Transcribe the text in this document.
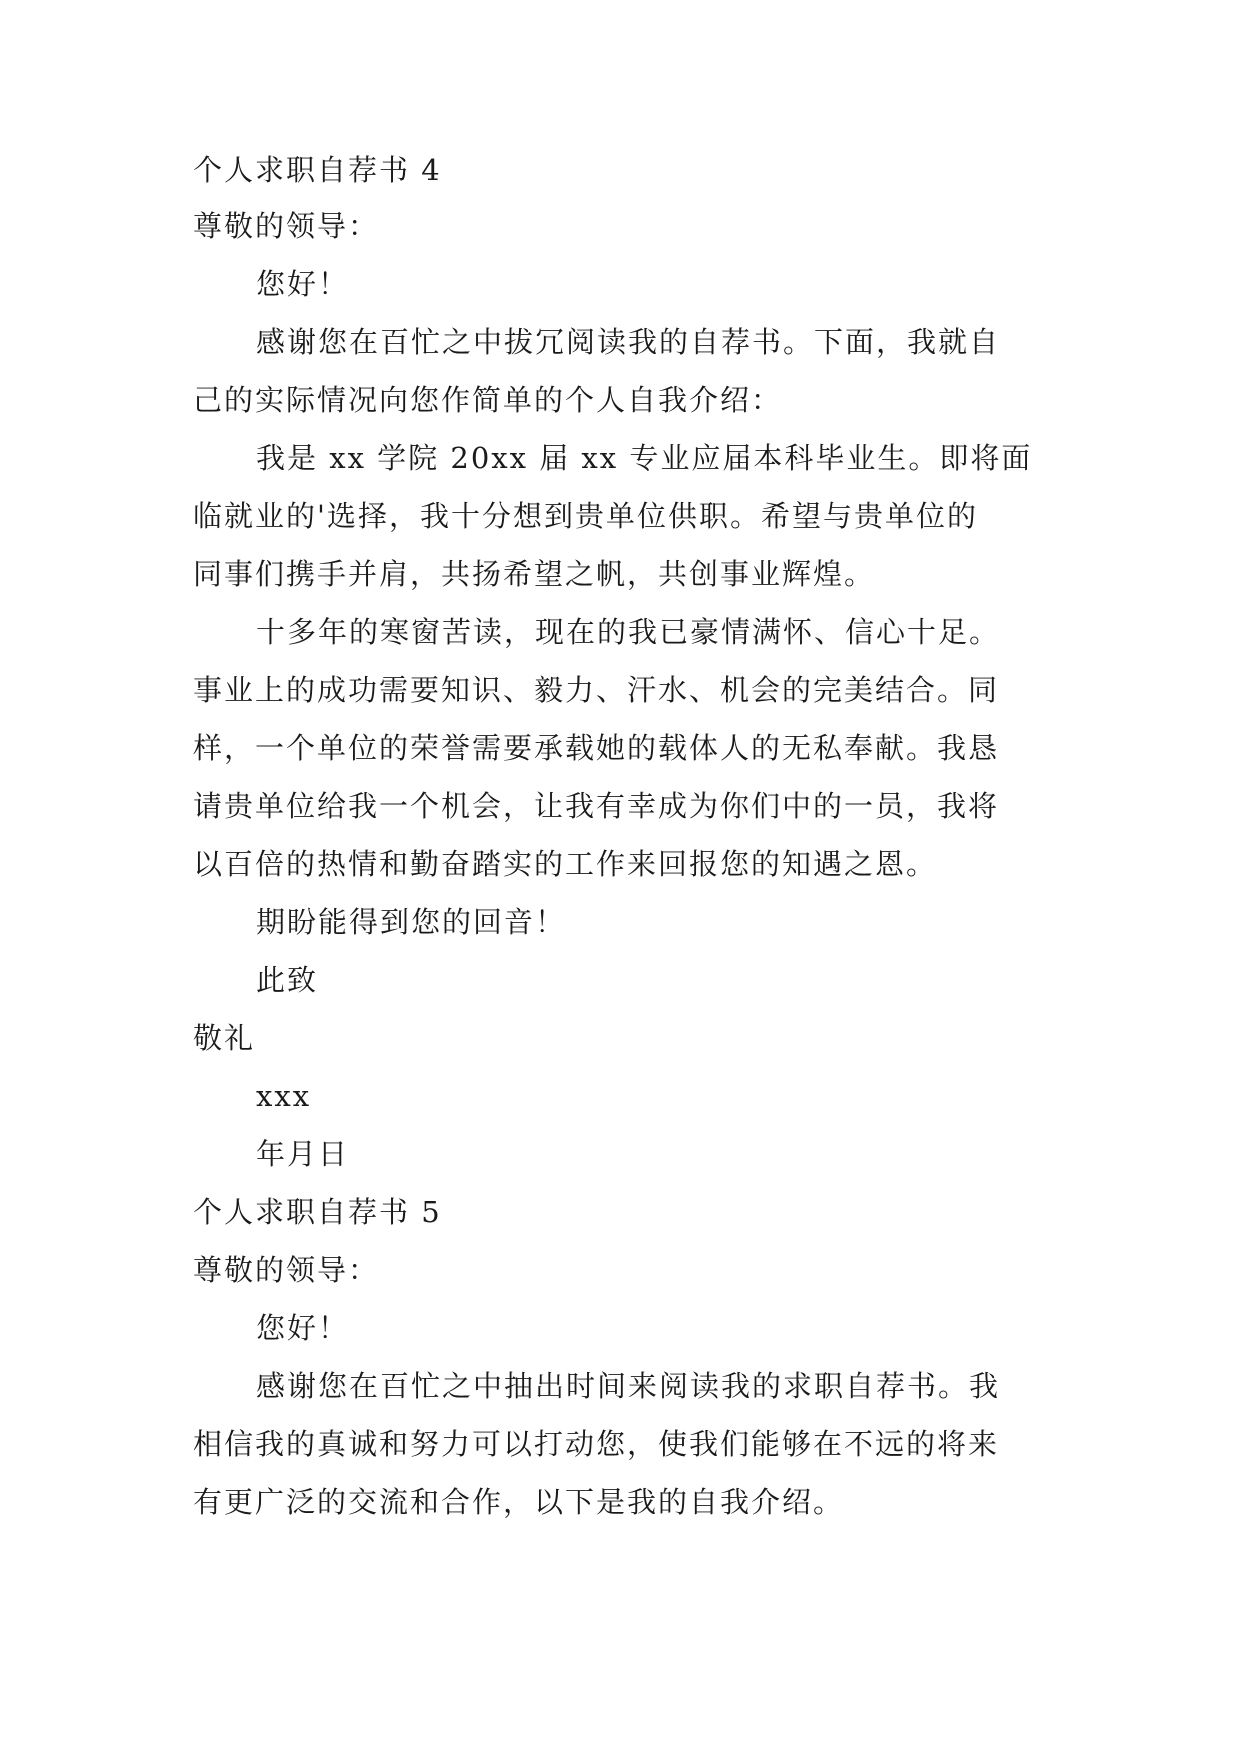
个人求职自荐书 4
尊敬的领导：
您好！
感谢您在百忙之中拔冗阅读我的自荐书。下面，我就自
己的实际情况向您作简单的个人自我介绍：
我是 xx 学院 20xx 届 xx 专业应届本科毕业生。即将面
临就业的'选择，我十分想到贵单位供职。希望与贵单位的
同事们携手并肩，共扬希望之帆，共创事业辉煌。
十多年的寒窗苦读，现在的我已豪情满怀、信心十足。
事业上的成功需要知识、毅力、汗水、机会的完美结合。同
样，一个单位的荣誉需要承载她的载体人的无私奉献。我恳
请贵单位给我一个机会，让我有幸成为你们中的一员，我将
以百倍的热情和勤奋踏实的工作来回报您的知遇之恩。
期盼能得到您的回音！
此致
敬礼
xxx
年月日
个人求职自荐书 5
尊敬的领导：
您好！
感谢您在百忙之中抽出时间来阅读我的求职自荐书。我
相信我的真诚和努力可以打动您，使我们能够在不远的将来
有更广泛的交流和合作，以下是我的自我介绍。
